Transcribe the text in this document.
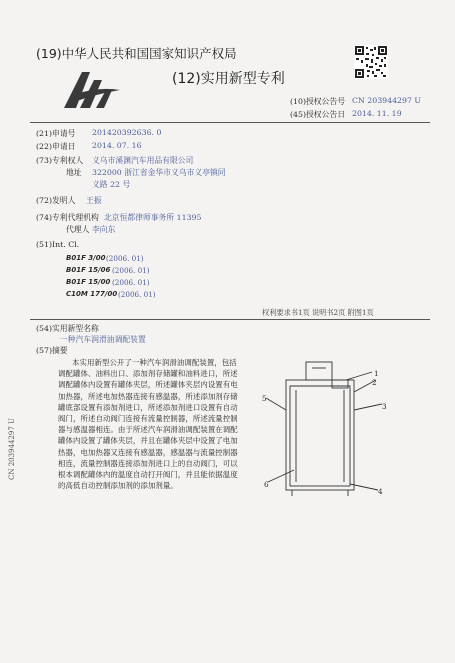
(19)中华人民共和国国家知识产权局
(12)实用新型专利
(10)授权公告号 CN 203944297 U
(45)授权公告日 2014. 11. 19
(21)申请号 201420392636. 0
(22)申请日 2014. 07. 16
(73)专利权人 义乌市溪渊汽车用品有限公司
地址 322000 浙江省金华市义乌市义亭镇同
义路 22 号
(72)发明人 王振
(74)专利代理机构 北京恒都律师事务所 11395
代理人 李向东
(51)Int. Cl.
B01F 3/00 (2006. 01)
B01F 15/06 (2006. 01)
B01F 15/00 (2006. 01)
C10M 177/00 (2006. 01)
权利要求书1页 说明书2页 附图1页
(54)实用新型名称
一种汽车润滑油调配装置
(57)摘要
本实用新型公开了一种汽车润滑油调配装置，包括调配罐体、油料出口、添加剂存储罐和油料进口，所述调配罐体内设置有罐体夹层，所述罐体夹层内设置有电加热器，所述电加热器连接有感温器，所述添加剂存储罐底部设置有添加剂进口，所述添加剂进口设置有自动阀门，所述自动阀门连接有流量控制器，所述流量控制器与感温器相连。由于所述汽车润滑油调配装置在调配罐体内设置了罐体夹层，并且在罐体夹层中设置了电加热器，电加热器又连接有感温器，感温器与流量控制器相连，流量控制器连接添加剂进口上的自动阀门，可以根本调配罐体内的温度自动打开阀门，并且能依据温度的高低自动控制添加剂的添加剂量。
1
2
3
4
5
6
CN 203944297 U
